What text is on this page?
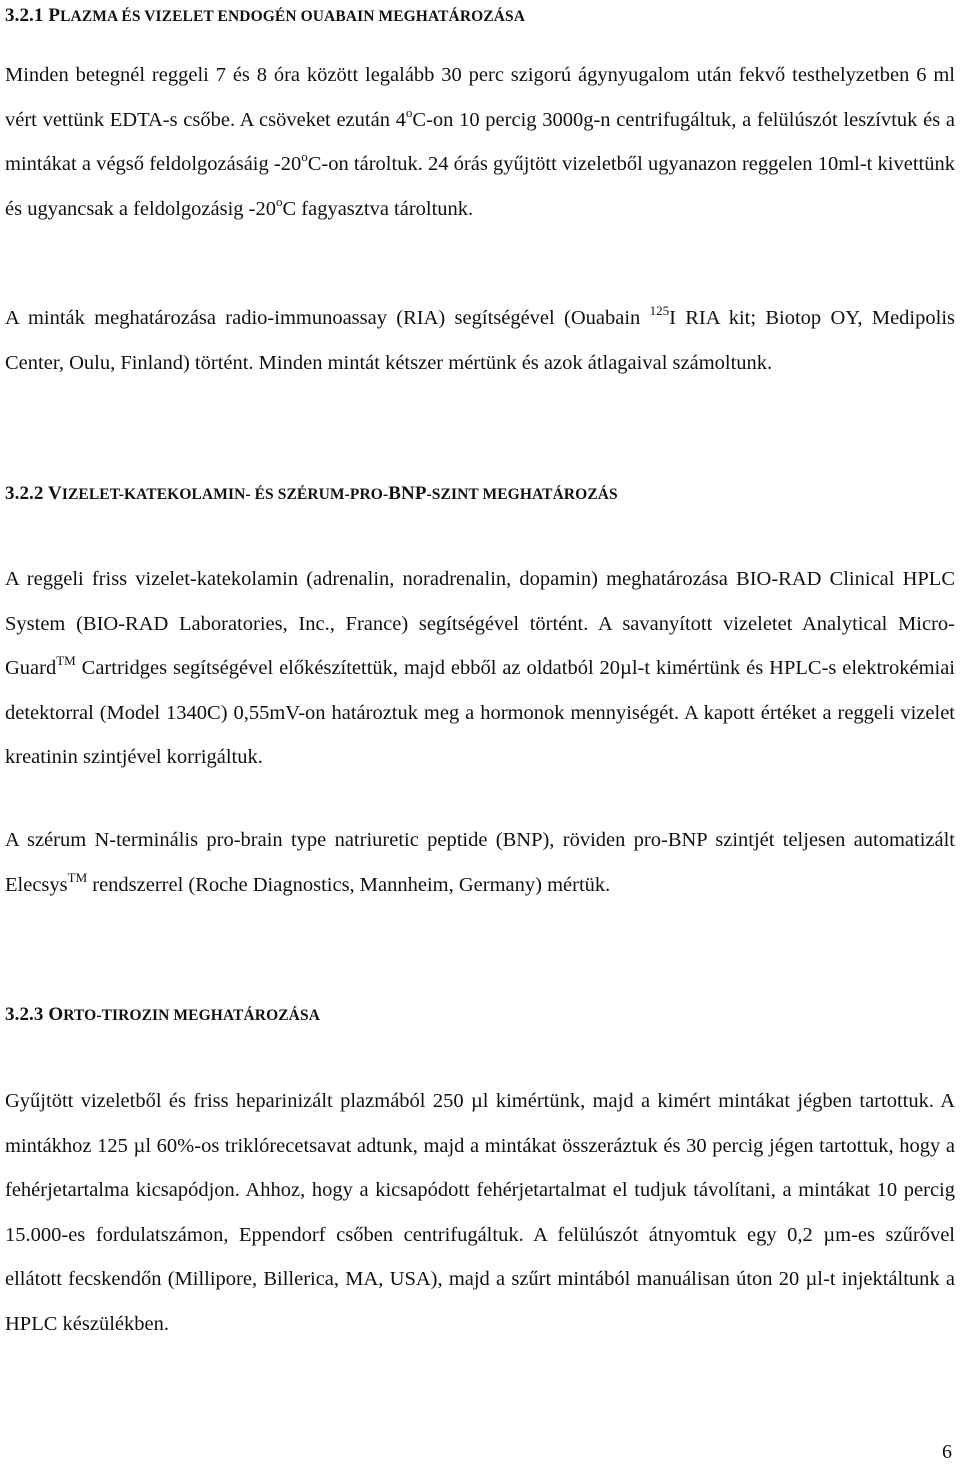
3.2.1 PLAZMA ÉS VIZELET ENDOGÉN OUABAIN MEGHATÁROZÁSA
Minden betegnél reggeli 7 és 8 óra között legalább 30 perc szigorú ágynyugalom után fekvő testhelyzetben 6 ml vért vettünk EDTA-s csőbe. A csöveket ezután 4$^o$C-on 10 percig 3000g-n centrifugáltuk, a felülúszót leszívtuk és a mintákat a végső feldolgozásáig -20$^o$C-on tároltuk. 24 órás gyűjtött vizeletből ugyanazon reggelen 10ml-t kivettünk és ugyancsak a feldolgozásig -20$^o$C fagyasztva tároltunk.
A minták meghatározása radio-immunoassay (RIA) segítségével (Ouabain $^{125}$I RIA kit; Biotop OY, Medipolis Center, Oulu, Finland) történt. Minden mintát kétszer mértünk és azok átlagaival számoltunk.
3.2.2 VIZELET-KATEKOLAMIN- ÉS SZÉRUM-PRO-BNP-SZINT MEGHATÁROZÁS
A reggeli friss vizelet-katekolamin (adrenalin, noradrenalin, dopamin) meghatározása BIO-RAD Clinical HPLC System (BIO-RAD Laboratories, Inc., France) segítségével történt. A savanyított vizeletet Analytical Micro-Guard™ Cartridges segítségével előkészítettük, majd ebből az oldatból 20µl-t kimértünk és HPLC-s elektrokémiai detektorral (Model 1340C) 0,55mV-on határoztuk meg a hormonok mennyiségét. A kapott értéket a reggeli vizelet kreatinin szintjével korrigáltuk.
A szérum N-terminális pro-brain type natriuretic peptide (BNP), röviden pro-BNP szintjét teljesen automatizált Elecsys™ rendszerrel (Roche Diagnostics, Mannheim, Germany) mértük.
3.2.3 ORTO-TIROZIN MEGHATÁROZÁSA
Gyűjtött vizeletből és friss heparinizált plazmából 250 µl kimértünk, majd a kimért mintákat jégben tartottuk. A mintákhoz 125 µl 60%-os triklórecetsavat adtunk, majd a mintákat összeráztuk és 30 percig jégen tartottuk, hogy a fehérjetartalma kicsapódjon. Ahhoz, hogy a kicsapódott fehérjetartalmat el tudjuk távolítani, a mintákat 10 percig 15.000-es fordulatszámon, Eppendorf csőben centrifugáltuk. A felülúszót átnyomtuk egy 0,2 µm-es szűrővel ellátott fecskendőn (Millipore, Billerica, MA, USA), majd a szűrt mintából manuálisan úton 20 µl-t injektáltunk a HPLC készülékben.
6
